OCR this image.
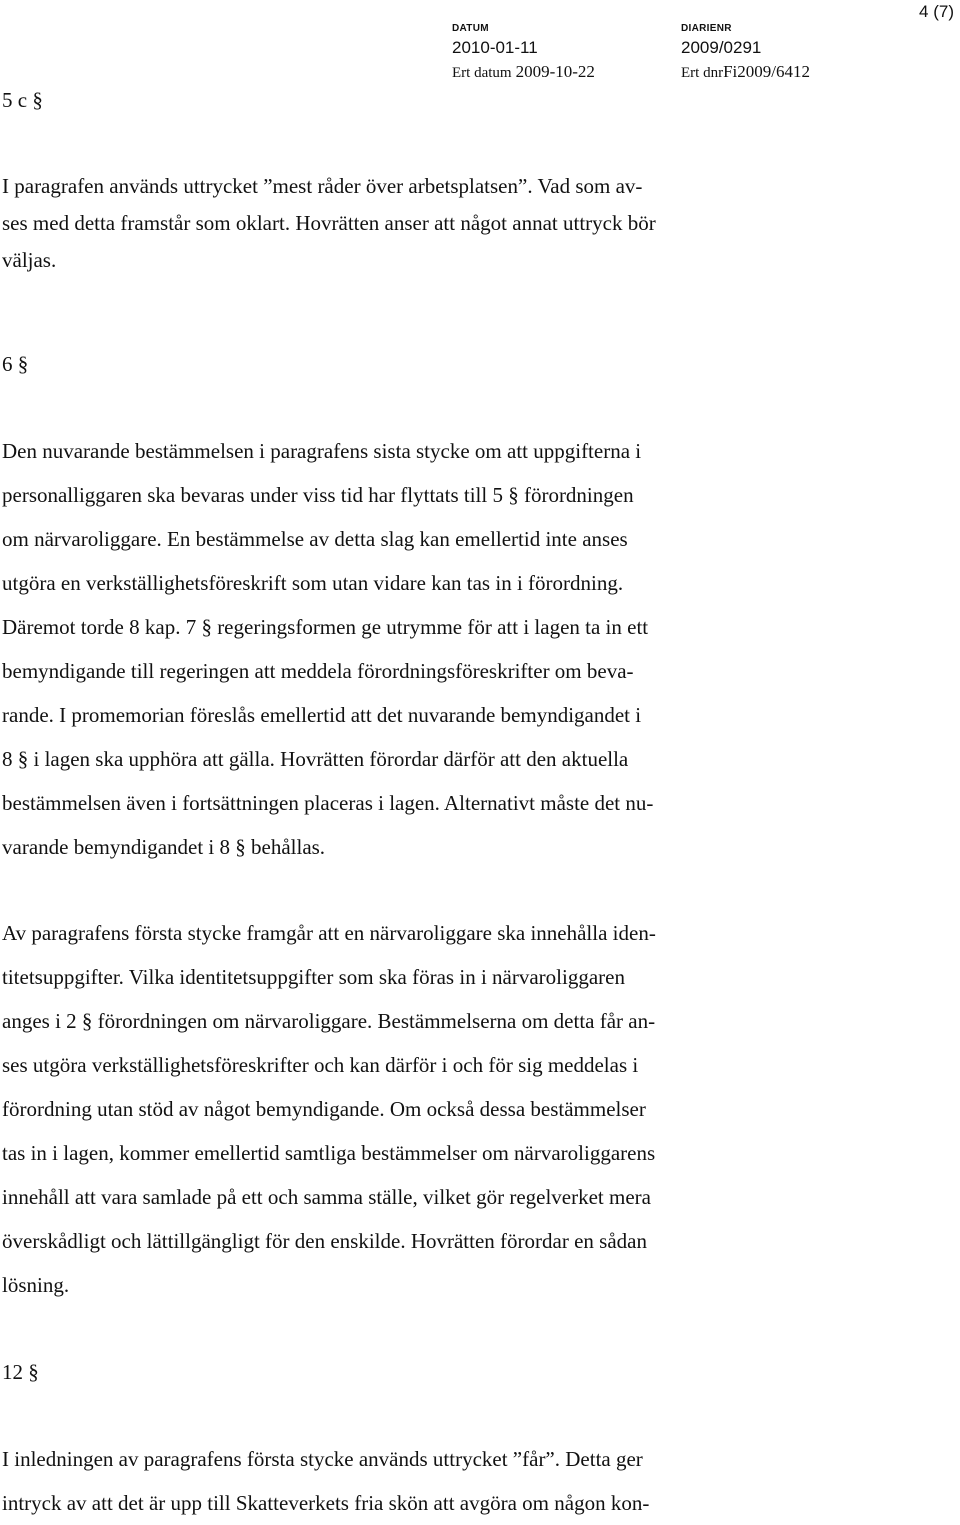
4 (7)
DATUM
2010-01-11
DIARIENR
2009/0291
Ert datum 2009-10-22	Ert dnrFi2009/6412
5 c §
I paragrafen används uttrycket ”mest råder över arbetsplatsen”. Vad som av-
ses med detta framstår som oklart. Hovrätten anser att något annat uttryck bör
väljas.
6 §
Den nuvarande bestämmelsen i paragrafens sista stycke om att uppgifterna i
personalliggaren ska bevaras under viss tid har flyttats till 5 § förordningen
om närvaroliggare. En bestämmelse av detta slag kan emellertid inte anses
utgöra en verkställighetsföreskrift som utan vidare kan tas in i förordning.
Däremot torde 8 kap. 7 § regeringsformen ge utrymme för att i lagen ta in ett
bemyndigande till regeringen att meddela förordningsföreskrifter om beva-
rande. I promemorian föreslås emellertid att det nuvarande bemyndigandet i
8 § i lagen ska upphöra att gälla. Hovrätten förordar därför att den aktuella
bestämmelsen även i fortsättningen placeras i lagen. Alternativt måste det nu-
varande bemyndigandet i 8 § behållas.
Av paragrafens första stycke framgår att en närvaroliggare ska innehålla iden-
titetsuppgifter. Vilka identitetsuppgifter som ska föras in i närvaroliggaren
anges i 2 § förordningen om närvaroliggare. Bestämmelserna om detta får an-
ses utgöra verkställighetsföreskrifter och kan därför i och för sig meddelas i
förordning utan stöd av något bemyndigande. Om också dessa bestämmelser
tas in i lagen, kommer emellertid samtliga bestämmelser om närvaroliggarens
innehåll att vara samlade på ett och samma ställe, vilket gör regelverket mera
överskådligt och lättillgängligt för den enskilde. Hovrätten förordar en sådan
lösning.
12 §
I inledningen av paragrafens första stycke används uttrycket ”får”. Detta ger
intryck av att det är upp till Skatteverkets fria skön att avgöra om någon kon-
